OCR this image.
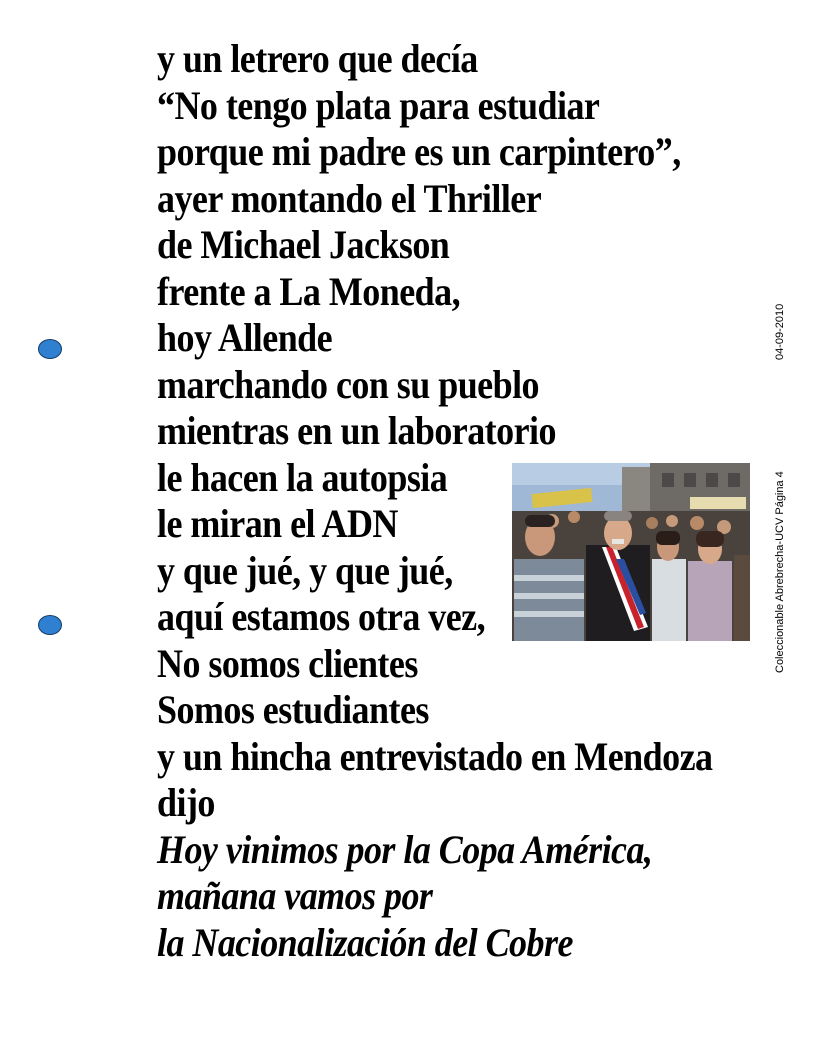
y un letrero que decía
“No tengo plata para estudiar
porque mi padre es un carpintero”,
ayer montando el Thriller
de Michael Jackson
frente a La Moneda,
hoy Allende
marchando con su pueblo
mientras en un laboratorio
le hacen la autopsia
le miran el ADN
y que jué, y que jué,
aquí estamos otra vez,
No somos clientes
Somos estudiantes
y un hincha entrevistado en Mendoza
dijo
Hoy vinimos por la Copa América,
mañana vamos por
la Nacionalización del Cobre
04-09-2010
Coleccionable Abrebrecha-UCV Página 4
